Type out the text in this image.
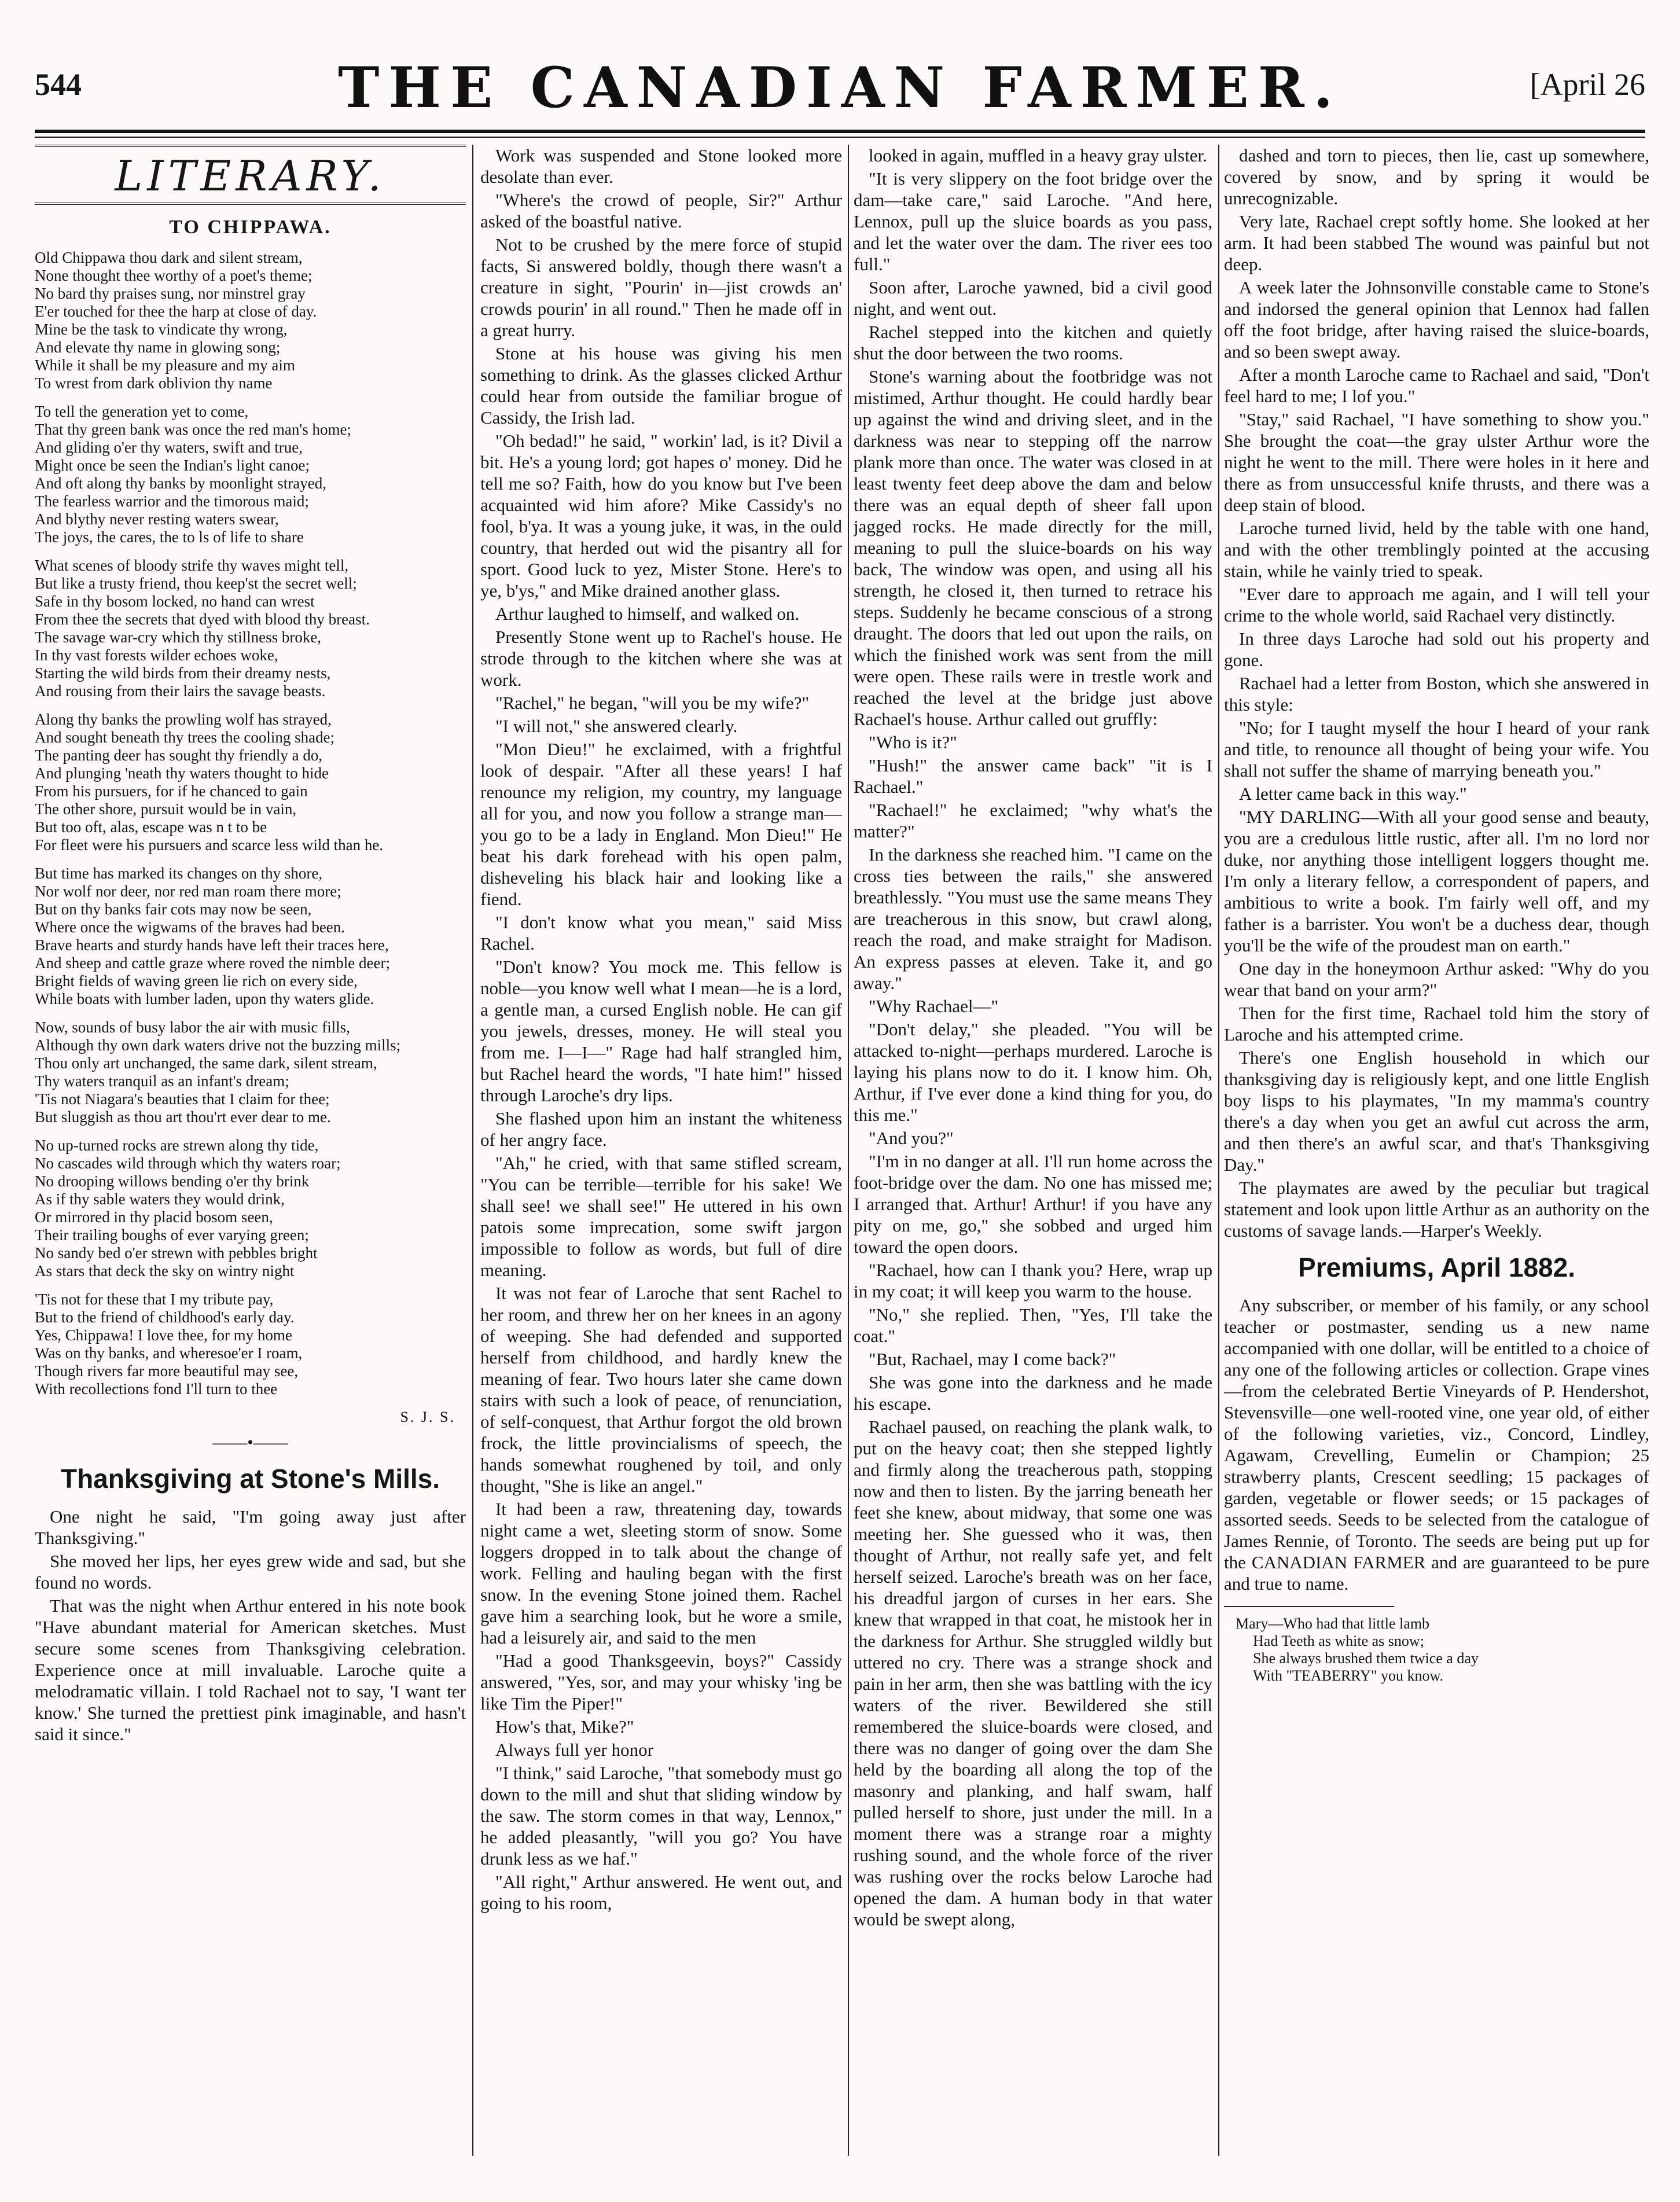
544	THE CANADIAN FARMER.	[April 26
LITERARY.
TO CHIPPAWA.
Old Chippawa thou dark and silent stream,
None thought thee worthy of a poet's theme;
No bard thy praises sung, nor minstrel gray
E'er touched for thee the harp at close of day.
Mine be the task to vindicate thy wrong,
And elevate thy name in glowing song;
While it shall be my pleasure and my aim
To wrest from dark oblivion thy name
To tell the generation yet to come,
That thy green bank was once the red man's home;
And gliding o'er thy waters, swift and true,
Might once be seen the Indian's light canoe;
And oft along thy banks by moonlight strayed,
The fearless warrior and the timorous maid;
And blythy never resting waters swear,
The joys, the cares, the to ls of life to share
What scenes of bloody strife thy waves might tell,
But like a trusty friend, thou keep'st the secret well;
Safe in thy bosom locked, no hand can wrest
From thee the secrets that dyed with blood thy breast.
The savage war-cry which thy stillness broke,
In thy vast forests wilder echoes woke,
Starting the wild birds from their dreamy nests,
And rousing from their lairs the savage beasts.
Along thy banks the prowling wolf has strayed,
And sought beneath thy trees the cooling shade;
The panting deer has sought thy friendly a do,
And plunging 'neath thy waters thought to hide
From his pursuers, for if he chanced to gain
The other shore, pursuit would be in vain,
But too oft, alas, escape was n t to be
For fleet were his pursuers and scarce less wild than he.
But time has marked its changes on thy shore,
Nor wolf nor deer, nor red man roam there more;
But on thy banks fair cots may now be seen,
Where once the wigwams of the braves had been.
Brave hearts and sturdy hands have left their traces here,
And sheep and cattle graze where roved the nimble deer;
Bright fields of waving green lie rich on every side,
While boats with lumber laden, upon thy waters glide.
Now, sounds of busy labor the air with music fills,
Although thy own dark waters drive not the buzzing mills;
Thou only art unchanged, the same dark, silent stream,
Thy waters tranquil as an infant's dream;
'Tis not Niagara's beauties that I claim for thee;
But sluggish as thou art thou'rt ever dear to me.
No up-turned rocks are strewn along thy tide,
No cascades wild through which thy waters roar;
No drooping willows bending o'er thy brink
As if thy sable waters they would drink,
Or mirrored in thy placid bosom seen,
Their trailing boughs of ever varying green;
No sandy bed o'er strewn with pebbles bright
As stars that deck the sky on wintry night
'Tis not for these that I my tribute pay,
But to the friend of childhood's early day.
Yes, Chippawa! I love thee, for my home
Was on thy banks, and wheresoe'er I roam,
Though rivers far more beautiful may see,
With recollections fond I'll turn to thee
S. J. S.
——•——
Thanksgiving at Stone's Mills.

One night he said, "I'm going away just after Thanksgiving."

She moved her lips, her eyes grew wide and sad, but she found no words.

That was the night when Arthur entered in his note book "Have abundant material for American sketches. Must secure some scenes from Thanksgiving celebration. Experience once at mill invaluable. Laroche quite a melodramatic villain. I told Rachael not to say, 'I want ter know.' She turned the prettiest pink imaginable, and hasn't said it since."

Work was suspended and Stone looked more desolate than ever.

"Where's the crowd of people, Sir?" Arthur asked of the boastful native.

Not to be crushed by the mere force of stupid facts, Si answered boldly, though there wasn't a creature in sight, "Pourin' in—jist crowds an' crowds pourin' in all round." Then he made off in a great hurry.

Stone at his house was giving his men something to drink. As the glasses clicked Arthur could hear from outside the familiar brogue of Cassidy, the Irish lad.

"Oh bedad!" he said, " workin' lad, is it? Divil a bit. He's a young lord; got hapes o' money. Did he tell me so? Faith, how do you know but I've been acquainted wid him afore? Mike Cassidy's no fool, b'ya. It was a young juke, it was, in the ould country, that herded out wid the pisantry all for sport. Good luck to yez, Mister Stone. Here's to ye, b'ys," and Mike drained another glass.

Arthur laughed to himself, and walked on.

Presently Stone went up to Rachel's house. He strode through to the kitchen where she was at work.

"Rachel," he began, "will you be my wife?"

"I will not," she answered clearly.

"Mon Dieu!" he exclaimed, with a frightful look of despair. "After all these years! I haf renounce my religion, my country, my language all for you, and now you follow a strange man—you go to be a lady in England. Mon Dieu!" He beat his dark forehead with his open palm, disheveling his black hair and looking like a fiend.

"I don't know what you mean," said Miss Rachel.

"Don't know? You mock me. This fellow is noble—you know well what I mean—he is a lord, a gentle man, a cursed English noble. He can gif you jewels, dresses, money. He will steal you from me. I—I—" Rage had half strangled him, but Rachel heard the words, "I hate him!" hissed through Laroche's dry lips.

She flashed upon him an instant the whiteness of her angry face.

"Ah," he cried, with that same stifled scream, "You can be terrible—terrible for his sake! We shall see! we shall see!" He uttered in his own patois some imprecation, some swift jargon impossible to follow as words, but full of dire meaning.

It was not fear of Laroche that sent Rachel to her room, and threw her on her knees in an agony of weeping. She had defended and supported herself from childhood, and hardly knew the meaning of fear. Two hours later she came down stairs with such a look of peace, of renunciation, of self-conquest, that Arthur forgot the old brown frock, the little provincialisms of speech, the hands somewhat roughened by toil, and only thought, "She is like an angel."

It had been a raw, threatening day, towards night came a wet, sleeting storm of snow. Some loggers dropped in to talk about the change of work. Felling and hauling began with the first snow. In the evening Stone joined them. Rachel gave him a searching look, but he wore a smile, had a leisurely air, and said to the men

"Had a good Thanksgeevin, boys?" Cassidy answered, "Yes, sor, and may your whisky 'ing be like Tim the Piper!"

How's that, Mike?"

Always full yer honor

"I think," said Laroche, "that somebody must go down to the mill and shut that sliding window by the saw. The storm comes in that way, Lennox," he added pleasantly, "will you go? You have drunk less as we haf."

"All right," Arthur answered. He went out, and going to his room,

looked in again, muffled in a heavy gray ulster.

"It is very slippery on the foot bridge over the dam—take care," said Laroche. "And here, Lennox, pull up the sluice boards as you pass, and let the water over the dam. The river ees too full."

Soon after, Laroche yawned, bid a civil good night, and went out.

Rachel stepped into the kitchen and quietly shut the door between the two rooms.

Stone's warning about the footbridge was not mistimed, Arthur thought. He could hardly bear up against the wind and driving sleet, and in the darkness was near to stepping off the narrow plank more than once. The water was closed in at least twenty feet deep above the dam and below there was an equal depth of sheer fall upon jagged rocks. He made directly for the mill, meaning to pull the sluice-boards on his way back, The window was open, and using all his strength, he closed it, then turned to retrace his steps. Suddenly he became conscious of a strong draught. The doors that led out upon the rails, on which the finished work was sent from the mill were open. These rails were in trestle work and reached the level at the bridge just above Rachael's house. Arthur called out gruffly:

"Who is it?"

"Hush!" the answer came back" "it is I Rachael."

"Rachael!" he exclaimed; "why what's the matter?"

In the darkness she reached him. "I came on the cross ties between the rails," she answered breathlessly. "You must use the same means They are treacherous in this snow, but crawl along, reach the road, and make straight for Madison. An express passes at eleven. Take it, and go away."

"Why Rachael—"

"Don't delay," she pleaded. "You will be attacked to-night—perhaps murdered. Laroche is laying his plans now to do it. I know him. Oh, Arthur, if I've ever done a kind thing for you, do this me."

"And you?"

"I'm in no danger at all. I'll run home across the foot-bridge over the dam. No one has missed me; I arranged that. Arthur! Arthur! if you have any pity on me, go," she sobbed and urged him toward the open doors.

"Rachael, how can I thank you? Here, wrap up in my coat; it will keep you warm to the house.

"No," she replied. Then, "Yes, I'll take the coat."

"But, Rachael, may I come back?"

She was gone into the darkness and he made his escape.

Rachael paused, on reaching the plank walk, to put on the heavy coat; then she stepped lightly and firmly along the treacherous path, stopping now and then to listen. By the jarring beneath her feet she knew, about midway, that some one was meeting her. She guessed who it was, then thought of Arthur, not really safe yet, and felt herself seized. Laroche's breath was on her face, his dreadful jargon of curses in her ears. She knew that wrapped in that coat, he mistook her in the darkness for Arthur. She struggled wildly but uttered no cry. There was a strange shock and pain in her arm, then she was battling with the icy waters of the river. Bewildered she still remembered the sluice-boards were closed, and there was no danger of going over the dam She held by the boarding all along the top of the masonry and planking, and half swam, half pulled herself to shore, just under the mill. In a moment there was a strange roar a mighty rushing sound, and the whole force of the river was rushing over the rocks below Laroche had opened the dam. A human body in that water would be swept along,

dashed and torn to pieces, then lie, cast up somewhere, covered by snow, and by spring it would be unrecognizable.

Very late, Rachael crept softly home. She looked at her arm. It had been stabbed The wound was painful but not deep.

A week later the Johnsonville constable came to Stone's and indorsed the general opinion that Lennox had fallen off the foot bridge, after having raised the sluice-boards, and so been swept away.

After a month Laroche came to Rachael and said, "Don't feel hard to me; I lof you."

"Stay," said Rachael, "I have something to show you." She brought the coat—the gray ulster Arthur wore the night he went to the mill. There were holes in it here and there as from unsuccessful knife thrusts, and there was a deep stain of blood.

Laroche turned livid, held by the table with one hand, and with the other tremblingly pointed at the accusing stain, while he vainly tried to speak.

"Ever dare to approach me again, and I will tell your crime to the whole world, said Rachael very distinctly.

In three days Laroche had sold out his property and gone.

Rachael had a letter from Boston, which she answered in this style:

"No; for I taught myself the hour I heard of your rank and title, to renounce all thought of being your wife. You shall not suffer the shame of marrying beneath you."

A letter came back in this way."

"MY DARLING—With all your good sense and beauty, you are a credulous little rustic, after all. I'm no lord nor duke, nor anything those intelligent loggers thought me. I'm only a literary fellow, a correspondent of papers, and ambitious to write a book. I'm fairly well off, and my father is a barrister. You won't be a duchess dear, though you'll be the wife of the proudest man on earth."

One day in the honeymoon Arthur asked: "Why do you wear that band on your arm?"

Then for the first time, Rachael told him the story of Laroche and his attempted crime.

There's one English household in which our thanksgiving day is religiously kept, and one little English boy lisps to his playmates, "In my mamma's country there's a day when you get an awful cut across the arm, and then there's an awful scar, and that's Thanksgiving Day."

The playmates are awed by the peculiar but tragical statement and look upon little Arthur as an authority on the customs of savage lands.—Harper's Weekly.

Premiums, April 1882.

Any subscriber, or member of his family, or any school teacher or postmaster, sending us a new name accompanied with one dollar, will be entitled to a choice of any one of the following articles or collection. Grape vines—from the celebrated Bertie Vineyards of P. Hendershot, Stevensville—one well-rooted vine, one year old, of either of the following varieties, viz., Concord, Lindley, Agawam, Crevelling, Eumelin or Champion; 25 strawberry plants, Crescent seedling; 15 packages of garden, vegetable or flower seeds; or 15 packages of assorted seeds. Seeds to be selected from the catalogue of James Rennie, of Toronto. The seeds are being put up for the CANADIAN FARMER and are guaranteed to be pure and true to name.

Mary—Who had that little lamb
Had Teeth as white as snow;
She always brushed them twice a day
With "TEABERRY" you know.
